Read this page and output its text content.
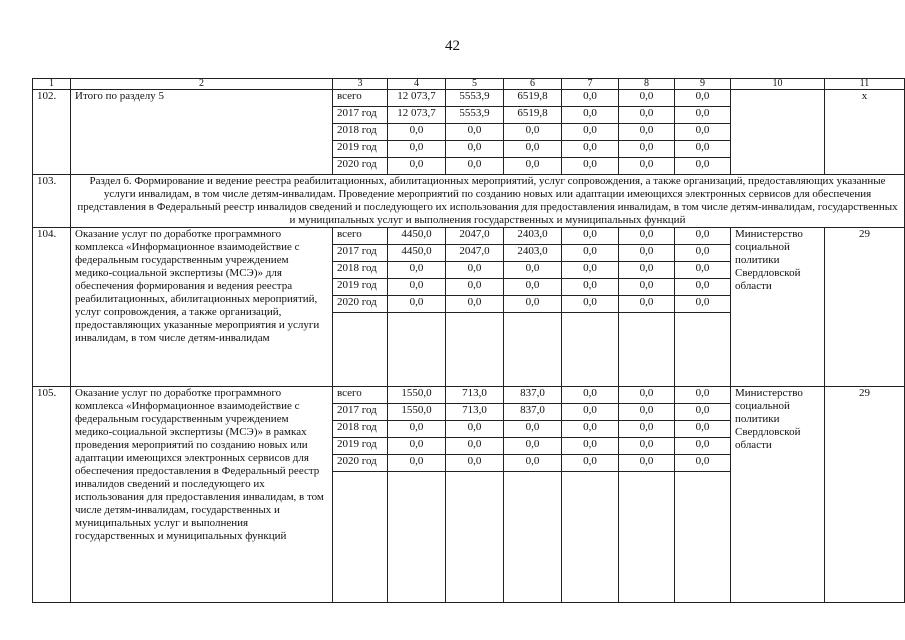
42
1	2	3	4	5	6	7	8	9	10	11
102.	Итого по разделу 5	всего	12 073,7	5553,9	6519,8	0,0	0,0	0,0		x
		2017 год	12 073,7	5553,9	6519,8	0,0	0,0	0,0		
		2018 год	0,0	0,0	0,0	0,0	0,0	0,0		
		2019 год	0,0	0,0	0,0	0,0	0,0	0,0		
		2020 год	0,0	0,0	0,0	0,0	0,0	0,0		
103.	Раздел 6. Формирование и ведение реестра реабилитационных, абилитационных мероприятий, услуг сопровождения, а также организаций, предоставляющих указанные услуги инвалидам, в том числе детям-инвалидам. Проведение мероприятий по созданию новых или адаптации имеющихся электронных сервисов для обеспечения представления в Федеральный реестр инвалидов сведений и последующего их использования для предоставления инвалидам, в том числе детям-инвалидам, государственных и муниципальных услуг и выполнения государственных и муниципальных функций									
104.	Оказание услуг по доработке программного комплекса «Информационное взаимодействие с федеральным государственным учреждением медико-социальной экспертизы (МСЭ)» для обеспечения формирования и ведения реестра реабилитационных, абилитационных мероприятий, услуг сопровождения, а также организаций, предоставляющих указанные мероприятия и услуги инвалидам, в том числе детям-инвалидам	всего	4450,0	2047,0	2403,0	0,0	0,0	0,0	Министерство социальной политики Свердловской области	29
		2017 год	4450,0	2047,0	2403,0	0,0	0,0	0,0		
		2018 год	0,0	0,0	0,0	0,0	0,0	0,0		
		2019 год	0,0	0,0	0,0	0,0	0,0	0,0		
		2020 год	0,0	0,0	0,0	0,0	0,0	0,0		

105.	Оказание услуг по доработке программного комплекса «Информационное взаимодействие с федеральным государственным учреждением медико-социальной экспертизы (МСЭ)» в рамках проведения мероприятий по созданию новых или адаптации имеющихся электронных сервисов для обеспечения предоставления в Федеральный реестр инвалидов сведений и последующего их использования для предоставления инвалидам, в том числе детям-инвалидам, государственных и муниципальных услуг и выполнения государственных и муниципальных функций	всего	1550,0	713,0	837,0	0,0	0,0	0,0	Министерство социальной политики Свердловской области	29
		2017 год	1550,0	713,0	837,0	0,0	0,0	0,0		
		2018 год	0,0	0,0	0,0	0,0	0,0	0,0		
		2019 год	0,0	0,0	0,0	0,0	0,0	0,0		
		2020 год	0,0	0,0	0,0	0,0	0,0	0,0		
